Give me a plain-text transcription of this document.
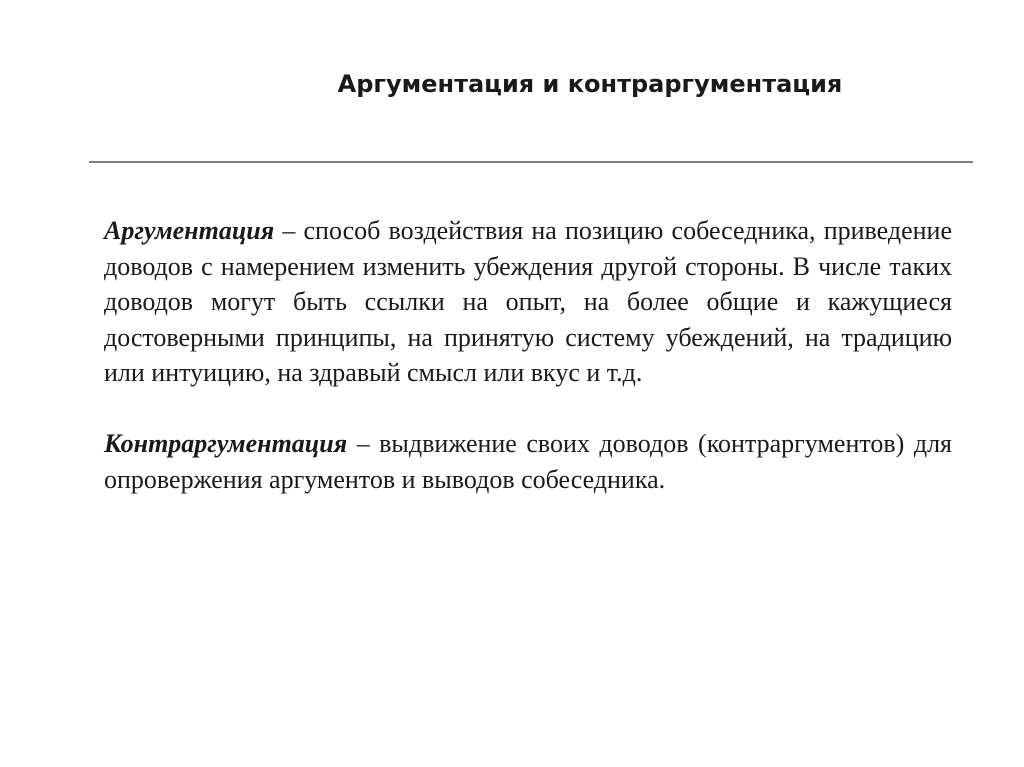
Аргументация и контраргументация

Аргументация – способ воздействия на позицию собеседника, приведение доводов с намерением изменить убеждения другой стороны. В числе таких доводов могут быть ссылки на опыт, на более общие и кажущиеся достоверными принципы, на принятую систему убеждений, на традицию или интуицию, на здравый смысл или вкус и т.д.

Контраргументация – выдвижение своих доводов (контраргументов) для опровержения аргументов и выводов собеседника.
